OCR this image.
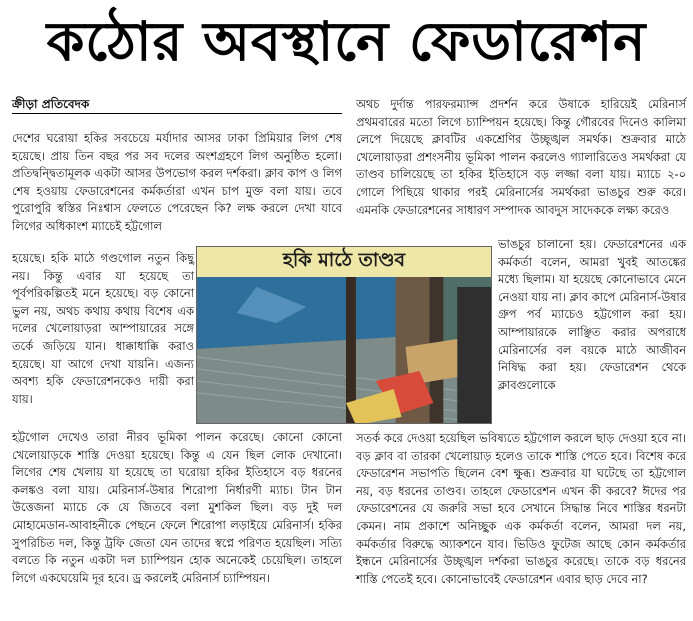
কঠোর অবস্থানে ফেডারেশন
ক্রীড়া প্রতিবেদক

দেশের ঘরোয়া হকির সবচেয়ে মর্যাদার আসর ঢাকা প্রিমিয়ার লিগ শেষ হয়েছে। প্রায় তিন বছর পর সব দলের অংশগ্রহণে লিগ অনুষ্ঠিত হলো। প্রতিদ্বন্দ্বিতামূলক একটা আসর উপভোগ করল দর্শকরা। ক্লাব কাপ ও লিগ শেষ হওয়ায় ফেডারেশনের কর্মকর্তারা এখন চাপ মুক্ত বলা যায়। তবে পুরোপুরি স্বস্তির নিঃশ্বাস ফেলতে পেরেছেন কি? লক্ষ করলে দেখা যাবে লিগের অধিকাংশ ম্যাচেই হট্টগোল

হয়েছে। হকি মাঠে গণ্ডগোল নতুন কিছু নয়। কিন্তু এবার যা হয়েছে তা পূর্বপরিকল্পিতই মনে হয়েছে। বড় কোনো ভুল নয়, অথচ কথায় কথায় বিশেষ এক দলের খেলোয়াড়রা আম্পায়ারের সঙ্গে তর্কে জড়িয়ে যান। ধাক্কাধাক্কি করাও হয়েছে। যা আগে দেখা যায়নি। এজন্য অবশ্য হকি ফেডারেশনকেও দায়ী করা যায়।

হকি মাঠে তাণ্ডব

অথচ দুর্দান্ত পারফরম্যান্স প্রদর্শন করে উষাকে হারিয়েই মেরিনার্স প্রথমবারের মতো লিগে চ্যাম্পিয়ন হয়েছে। কিন্তু গৌরবের দিনেও কালিমা লেপে দিয়েছে ক্লাবটির একশ্রেণির উচ্ছৃঙ্খল সমর্থক। শুক্রবার মাঠে খেলোয়াড়রা প্রশংসনীয় ভূমিকা পালন করলেও গ্যালারিতেও সমর্থকরা যে তাণ্ডব চালিয়েছে তা হকির ইতিহাসে বড় লজ্জা বলা যায়। ম্যাচে ২-০ গোলে পিছিয়ে থাকার পরই মেরিনার্সের সমর্থকরা ভাঙচুর শুরু করে। এমনকি ফেডারেশনের সাধারণ সম্পাদক আবদুস সাদেককে লক্ষ্য করেও

ভাঙচুর চালানো হয়। ফেডারেশনের এক কর্মকর্তা বলেন, আমরা খুবই আতঙ্কের মধ্যে ছিলাম। যা হয়েছে কোনোভাবে মেনে নেওয়া যায় না। ক্লাব কাপে মেরিনার্স-উষার গ্রুপ পর্ব ম্যাচেও হট্টগোল করা হয়। আম্পায়ারকে লাঞ্ছিত করার অপরাধে মেরিনার্সের বল বয়কে মাঠে আজীবন নিষিদ্ধ করা হয়। ফেডারেশন থেকে ক্লাবগুলোকে

হট্টগোল দেখেও তারা নীরব ভূমিকা পালন করেছে। কোনো কোনো খেলোয়াড়কে শাস্তি দেওয়া হয়েছে। কিন্তু এ যেন ছিল লোক দেখানো। লিগের শেষ খেলায় যা হয়েছে তা ঘরোয়া হকির ইতিহাসে বড় ধরনের কলঙ্কও বলা যায়। মেরিনার্স-উষার শিরোপা নির্ধারণী ম্যাচ। টান টান উত্তেজনা ম্যাচে কে যে জিতবে বলা মুশকিল ছিল। বড় দুই দল মোহামেডান-আবাহনীকে পেছনে ফেলে শিরোপা লড়াইয়ে মেরিনার্স। হকির সুপরিচিত দল, কিন্তু ট্রফি জেতা যেন তাদের স্বপ্নে পরিণত হয়েছিল। সত্যি বলতে কি নতুন একটা দল চ্যাম্পিয়ন হোক অনেকেই চেয়েছিল। তাহলে লিগে একঘেয়েমি দূর হবে। ড্র করলেই মেরিনার্স চ্যাম্পিয়ন।

সতর্ক করে দেওয়া হয়েছিল ভবিষ্যতে হট্টগোল করলে ছাড় দেওয়া হবে না। বড় ক্লাব বা তারকা খেলোয়াড় হলেও তাকে শাস্তি পেতে হবে। বিশেষ করে ফেডারেশন সভাপতি ছিলেন বেশ ক্ষুব্ধ। শুক্রবার যা ঘটেছে তা হট্টগোল নয়, বড় ধরনের তাণ্ডব। তাহলে ফেডারেশন এখন কী করবে? ঈদের পর ফেডারেশনের যে জরুরি সভা হবে সেখানে সিদ্ধান্ত নিবে শাস্তির ধরনটা কেমন। নাম প্রকাশে অনিচ্ছুক এক কর্মকর্তা বলেন, আমরা দল নয়, কর্মকর্তার বিরুদ্ধে অ্যাকশনে যাব। ভিডিও ফুটেজ আছে কোন কর্মকর্তার ইন্ধনে মেরিনার্সের উচ্ছৃঙ্খল দর্শকরা ভাঙচুর করেছে। তাকে বড় ধরনের শাস্তি পেতেই হবে। কোনোভাবেই ফেডারেশন এবার ছাড় দেবে না?
